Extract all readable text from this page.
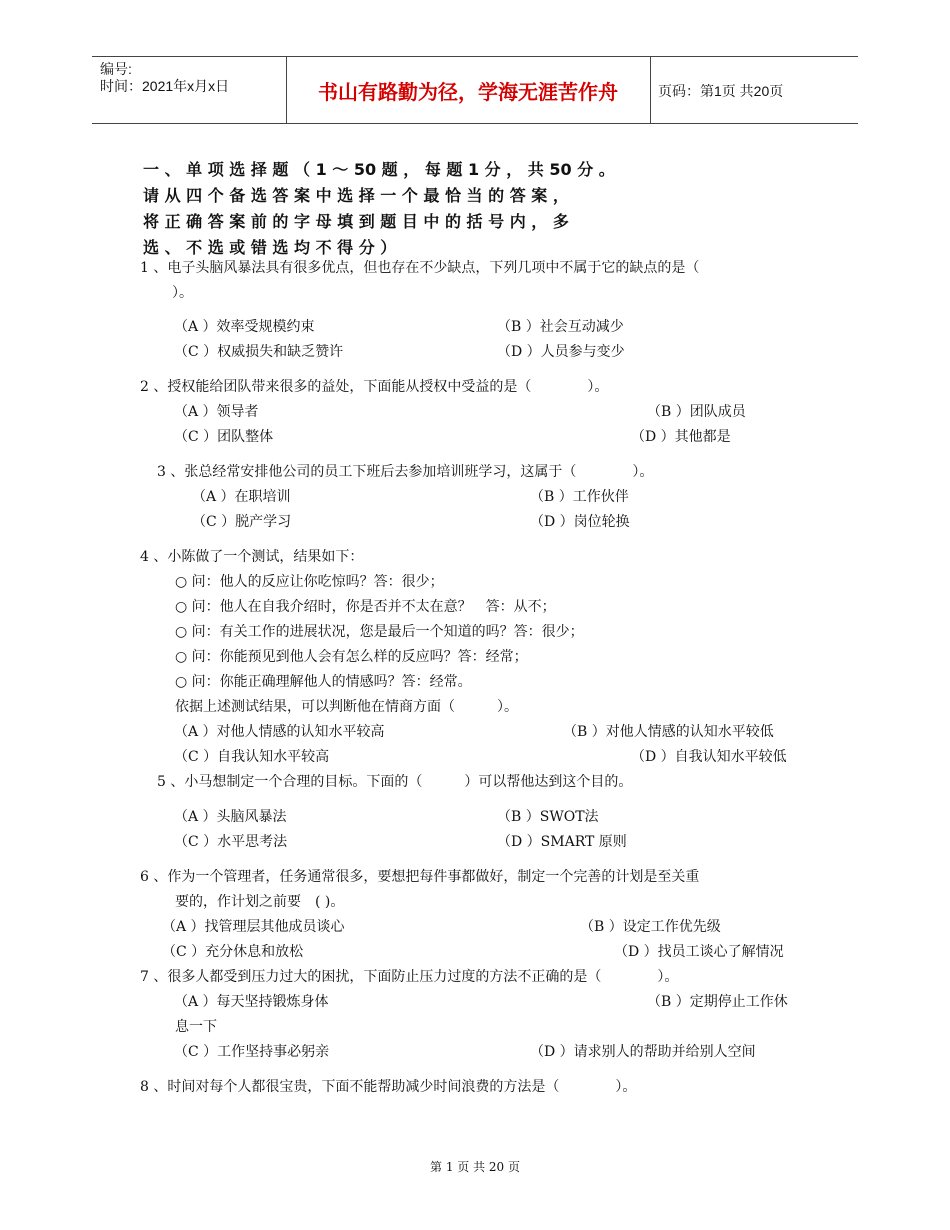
编号:
时间：2021年x月x日	书山有路勤为径，学海无涯苦作舟	页码：第1页 共20页
一 、 单 项 选 择 题 （ 1 ～ 50 题 ， 每 题 1 分 ， 共 50 分 。
请 从 四 个 备 选 答 案 中 选 择 一 个 最 恰 当 的 答 案 ，
将 正 确 答 案 前 的 字 母 填 到 题 目 中 的 括 号 内 ， 多
选 、 不 选 或 错 选 均 不 得 分 ）
1 、电子头脑风暴法具有很多优点，但也存在不少缺点，下列几项中不属于它的缺点的是（
）。
（A ）效率受规模约束	（B ）社会互动减少
（C ）权威损失和缺乏赞许	（D ）人员参与变少
2 、授权能给团队带来很多的益处，下面能从授权中受益的是（　　　　）。
（A ）领导者	（B ）团队成员
（C ）团队整体	（D ）其他都是
3 、张总经常安排他公司的员工下班后去参加培训班学习，这属于（　　　　）。
（A ）在职培训	（B ）工作伙伴
（C ）脱产学习	（D ）岗位轮换
4 、小陈做了一个测试，结果如下：
○ 问：他人的反应让你吃惊吗？答：很少；
○ 问：他人在自我介绍时，你是否并不太在意？　答：从不；
○ 问：有关工作的进展状况，您是最后一个知道的吗？答：很少；
○ 问：你能预见到他人会有怎么样的反应吗？答：经常；
○ 问：你能正确理解他人的情感吗？答：经常。
依据上述测试结果，可以判断他在情商方面（　　　）。
（A ）对他人情感的认知水平较高	（B ）对他人情感的认知水平较低
（C ）自我认知水平较高	（D ）自我认知水平较低
5 、小马想制定一个合理的目标。下面的（　　　）可以帮他达到这个目的。
（A ）头脑风暴法	（B ）SWOT法
（C ）水平思考法	（D ）SMART 原则
6 、作为一个管理者，任务通常很多，要想把每件事都做好，制定一个完善的计划是至关重
要的，作计划之前要　( )。
（A ）找管理层其他成员谈心	（B ）设定工作优先级
（C ）充分休息和放松	（D ）找员工谈心了解情况
7 、很多人都受到压力过大的困扰，下面防止压力过度的方法不正确的是（　　　　）。
（A ）每天坚持锻炼身体	（B ）定期停止工作休
息一下
（C ）工作坚持事必躬亲	（D ）请求别人的帮助并给别人空间
8 、时间对每个人都很宝贵，下面不能帮助减少时间浪费的方法是（　　　　）。
第 1 页 共 20 页
